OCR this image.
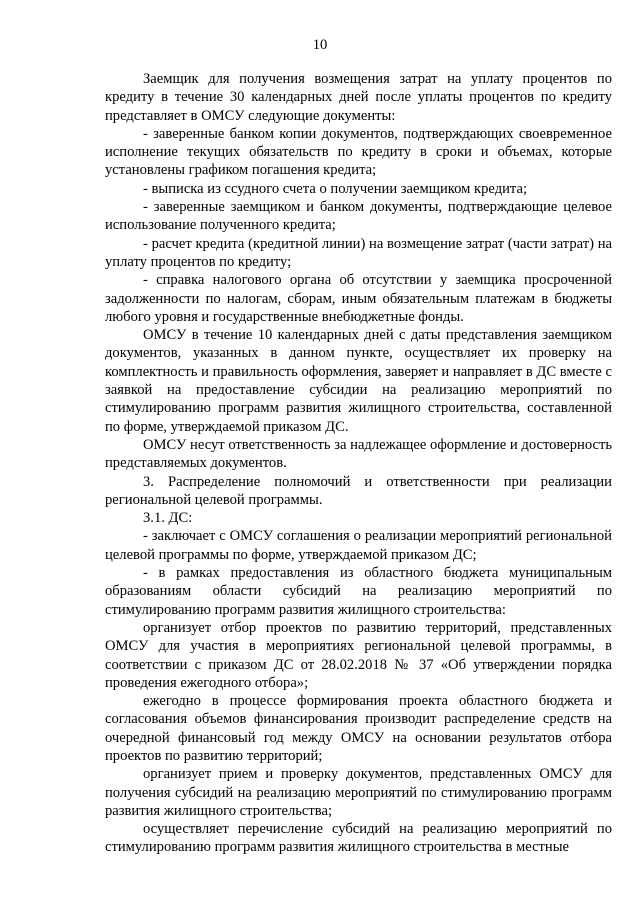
10

Заемщик для получения возмещения затрат на уплату процентов по кредиту в течение 30 календарных дней после уплаты процентов по кредиту представляет в ОМСУ следующие документы:

- заверенные банком копии документов, подтверждающих своевременное исполнение текущих обязательств по кредиту в сроки и объемах, которые установлены графиком погашения кредита;

- выписка из ссудного счета о получении заемщиком кредита;

- заверенные заемщиком и банком документы, подтверждающие целевое использование полученного кредита;

- расчет кредита (кредитной линии) на возмещение затрат (части затрат) на уплату процентов по кредиту;

- справка налогового органа об отсутствии у заемщика просроченной задолженности по налогам, сборам, иным обязательным платежам в бюджеты любого уровня и государственные внебюджетные фонды.

ОМСУ в течение 10 календарных дней с даты представления заемщиком документов, указанных в данном пункте, осуществляет их проверку на комплектность и правильность оформления, заверяет и направляет в ДС вместе с заявкой на предоставление субсидии на реализацию мероприятий по стимулированию программ развития жилищного строительства, составленной по форме, утверждаемой приказом ДС.

ОМСУ несут ответственность за надлежащее оформление и достоверность представляемых документов.

3. Распределение полномочий и ответственности при реализации региональной целевой программы.

3.1. ДС:

- заключает с ОМСУ соглашения о реализации мероприятий региональной целевой программы по форме, утверждаемой приказом ДС;

- в рамках предоставления из областного бюджета муниципальным образованиям области субсидий на реализацию мероприятий по стимулированию программ развития жилищного строительства:

организует отбор проектов по развитию территорий, представленных ОМСУ для участия в мероприятиях региональной целевой программы, в соответствии с приказом ДС от 28.02.2018 № 37 «Об утверждении порядка проведения ежегодного отбора»;

ежегодно в процессе формирования проекта областного бюджета и согласования объемов финансирования производит распределение средств на очередной финансовый год между ОМСУ на основании результатов отбора проектов по развитию территорий;

организует прием и проверку документов, представленных ОМСУ для получения субсидий на реализацию мероприятий по стимулированию программ развития жилищного строительства;

осуществляет перечисление субсидий на реализацию мероприятий по стимулированию программ развития жилищного строительства в местные
